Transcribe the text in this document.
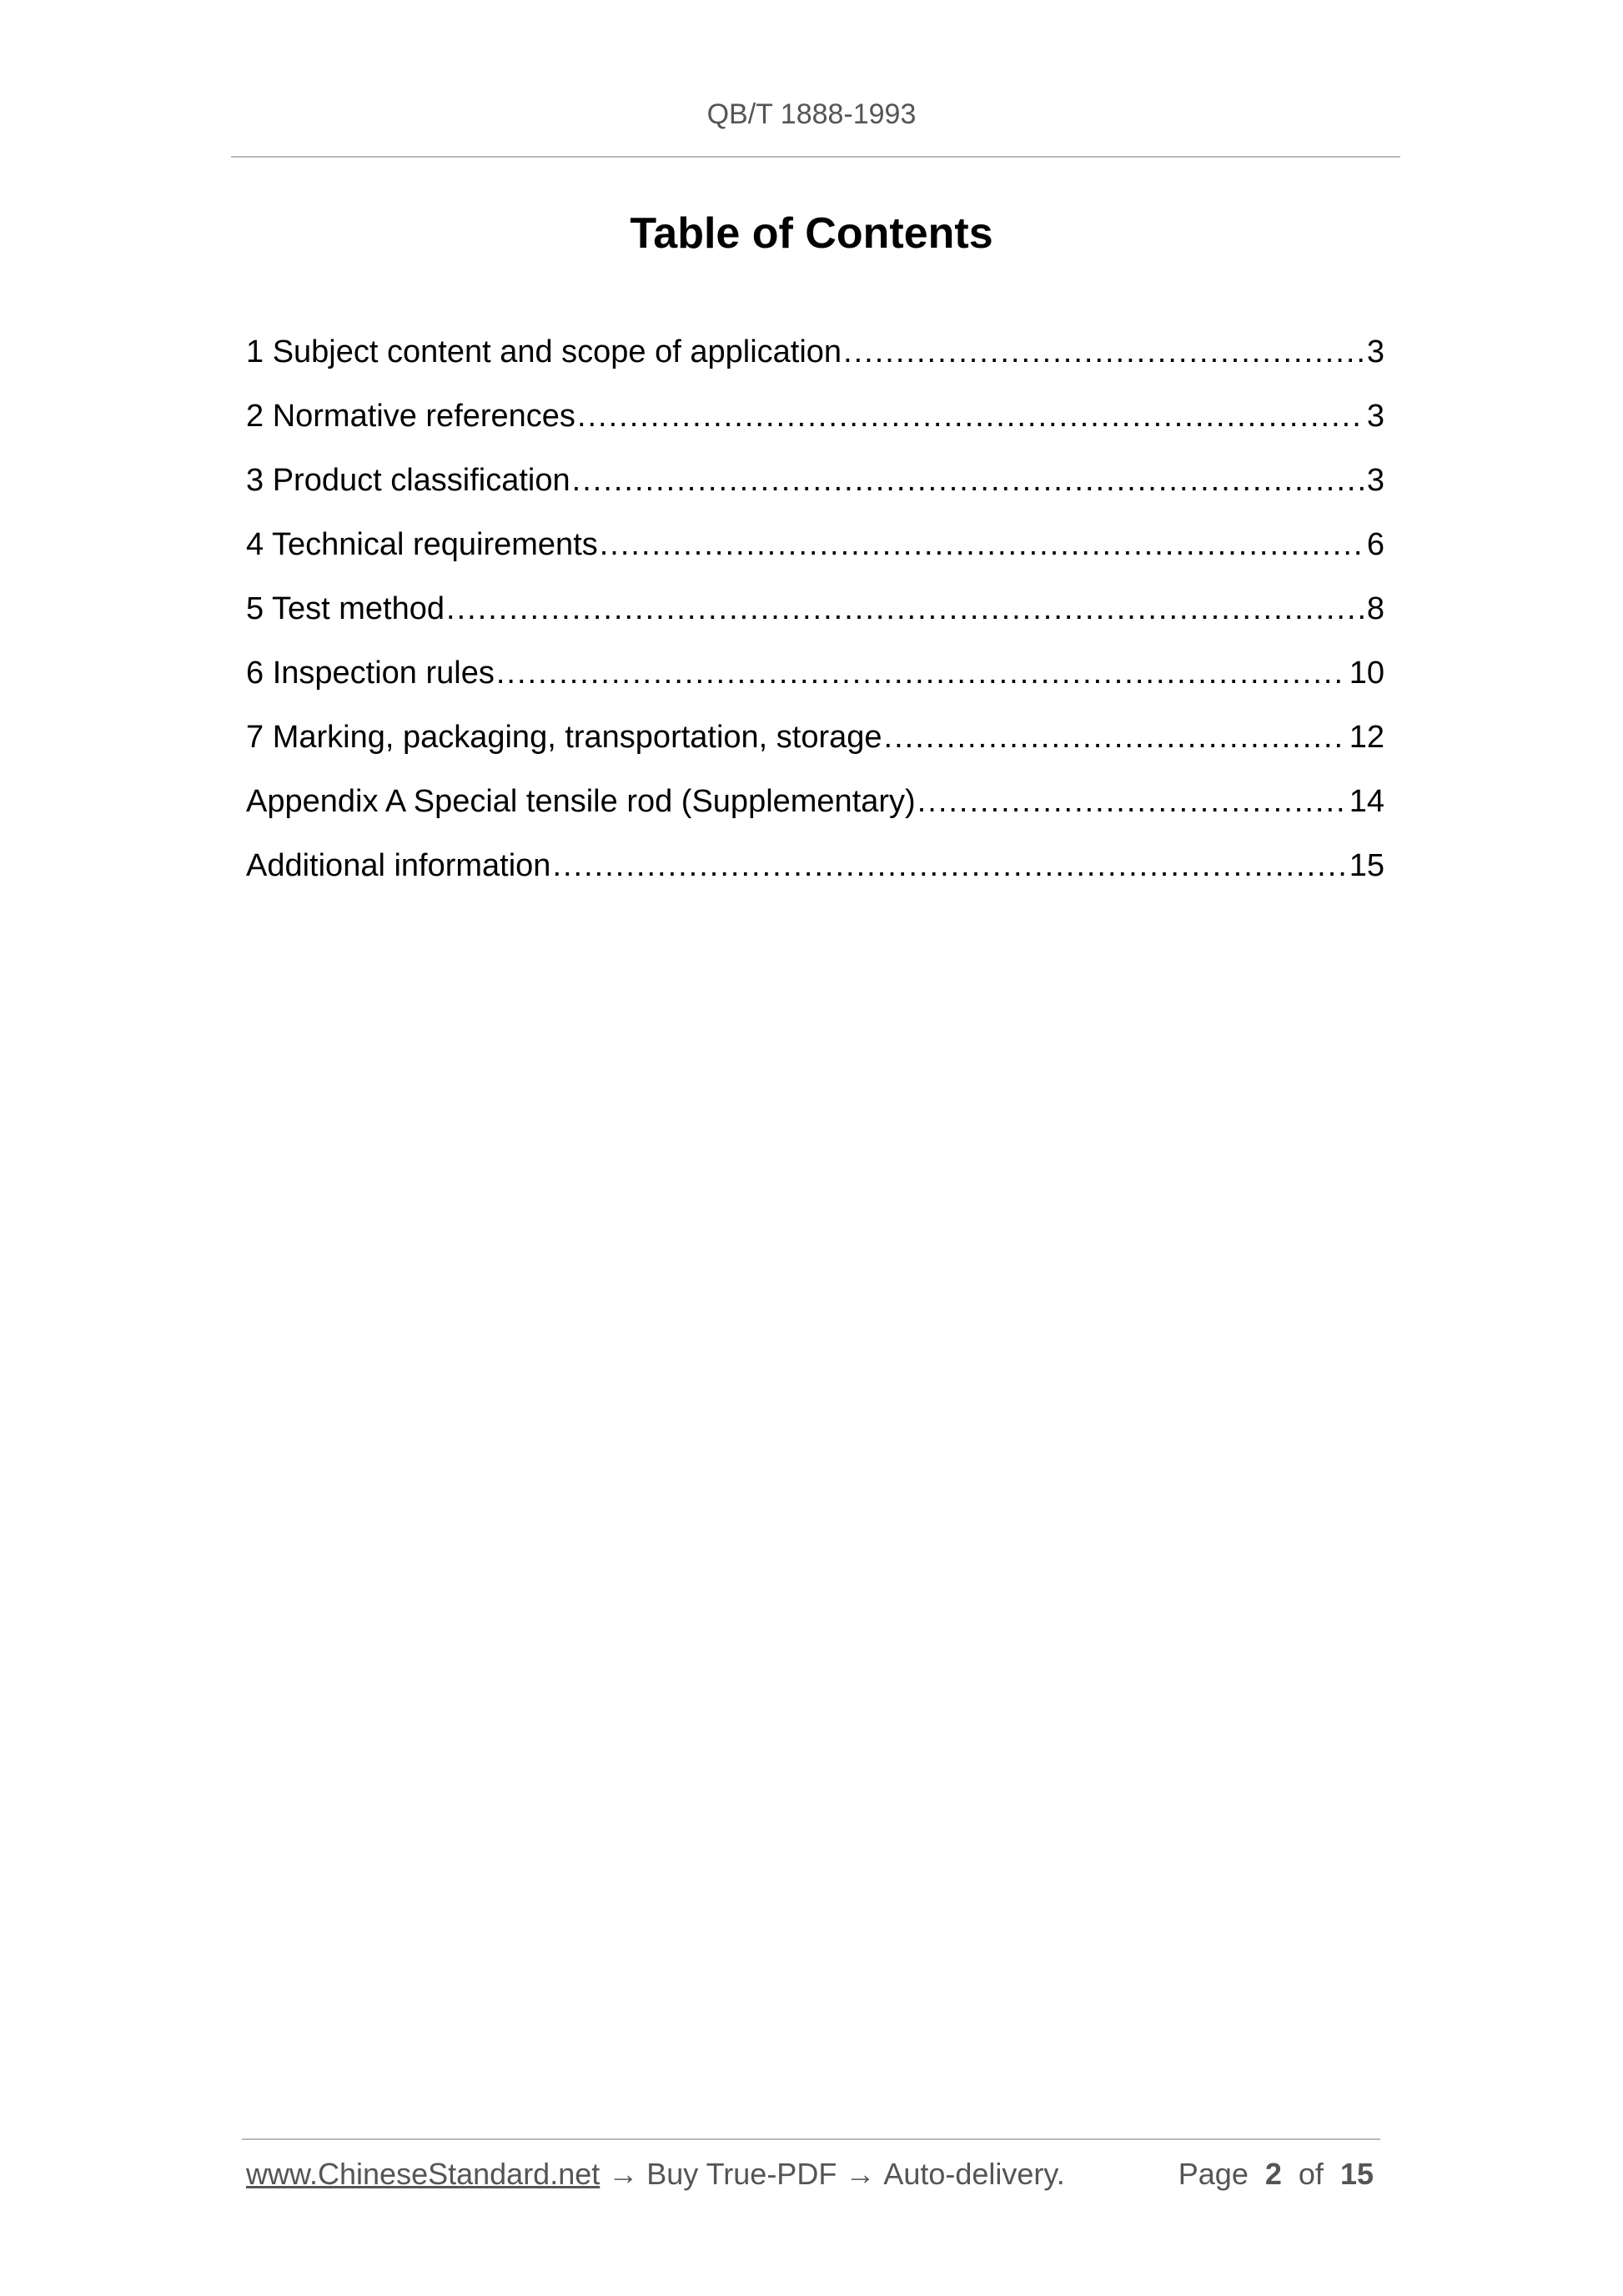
QB/T 1888-1993
Table of Contents
1 Subject content and scope of application .....	3
2 Normative references .....	3
3 Product classification .....	3
4 Technical requirements .....	6
5 Test method .....	8
6 Inspection rules .....	10
7 Marking, packaging, transportation, storage .....	12
Appendix A Special tensile rod (Supplementary) .....	14
Additional information .....	15
www.ChineseStandard.net → Buy True-PDF → Auto-delivery.	Page 2 of 15
